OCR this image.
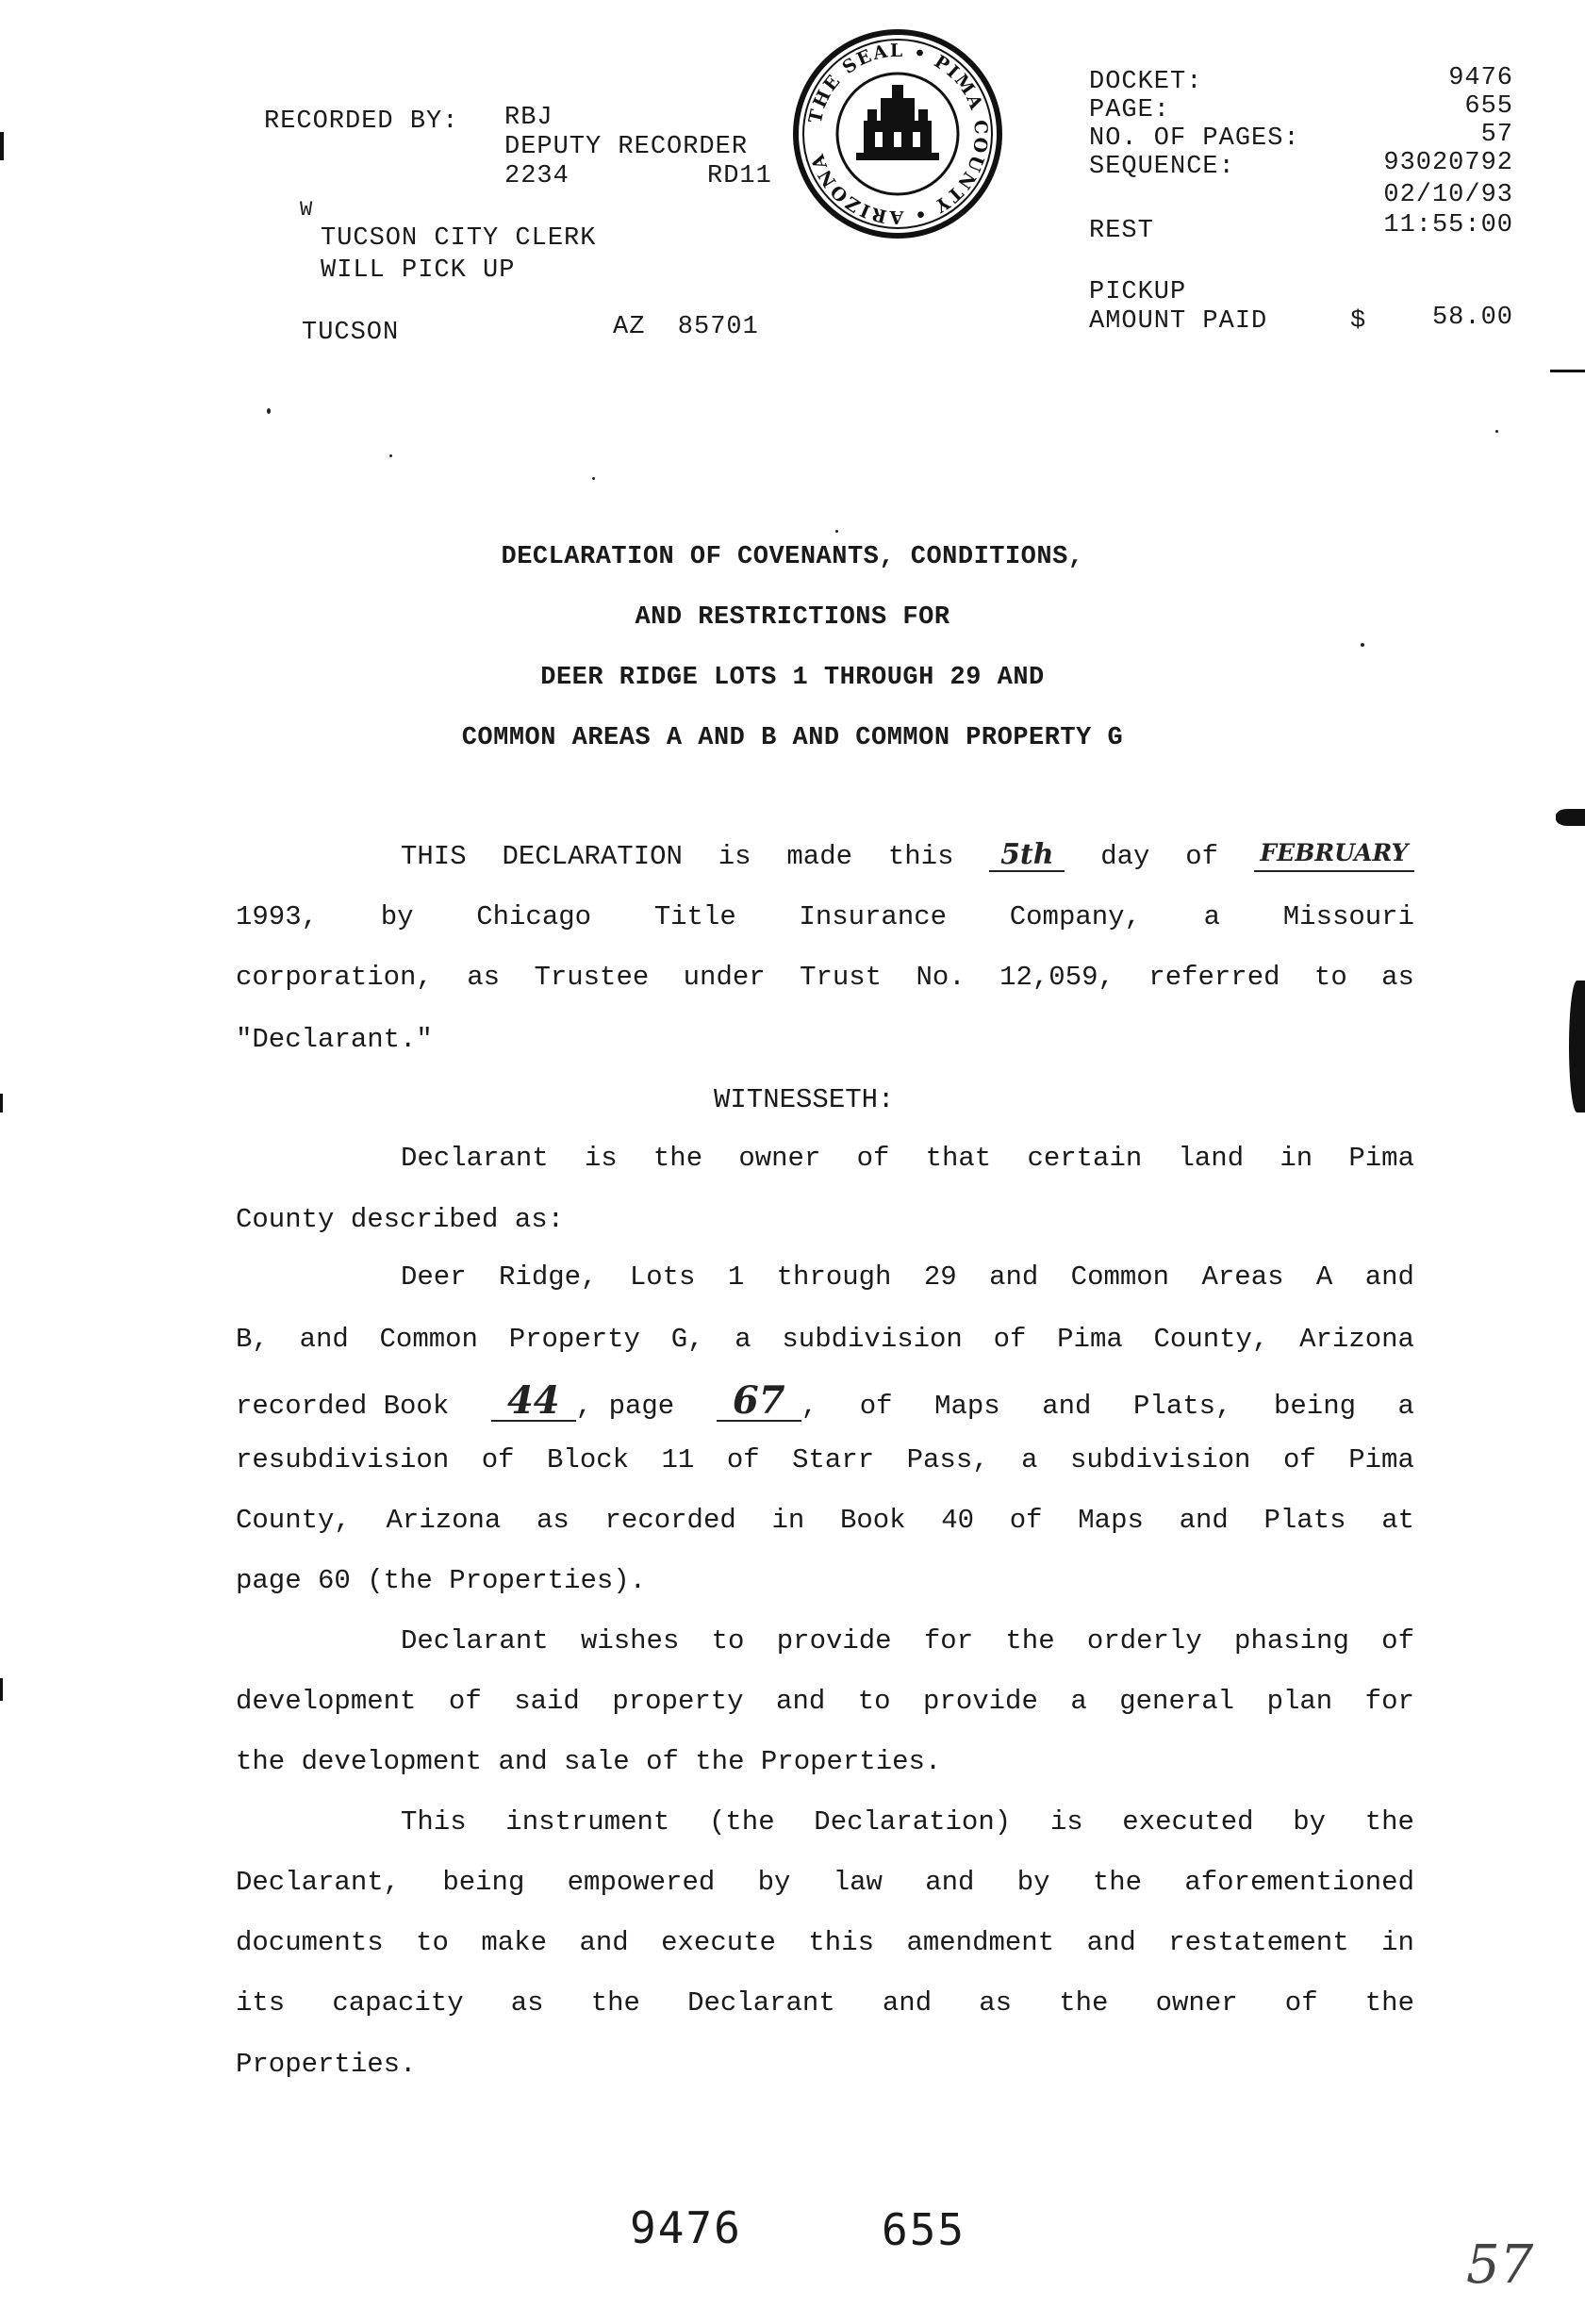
RECORDED BY: RBJ
DEPUTY RECORDER
2234	RD11
W
TUCSON CITY CLERK
WILL PICK UP
TUCSON	AZ  85701
THE SEAL • PIMA COUNTY • ARIZONA
DOCKET:	9476
PAGE:	655
NO. OF PAGES:	57
SEQUENCE:	93020792
02/10/93
REST	11:55:00
PICKUP
AMOUNT PAID	$	58.00
DECLARATION OF COVENANTS, CONDITIONS,
AND RESTRICTIONS FOR
DEER RIDGE LOTS 1 THROUGH 29 AND
COMMON AREAS A AND B AND COMMON PROPERTY G
THIS DECLARATION is made this	5th	day of FEBRUARY
1993, by Chicago Title Insurance Company, a Missouri
corporation, as Trustee under Trust No. 12,059, referred to as
"Declarant."
WITNESSETH:
Declarant is the owner of that certain land in Pima
County described as:
Deer Ridge, Lots 1 through 29 and Common Areas A and
B, and Common Property G, a subdivision of Pima County, Arizona
recorded Book	44 , page	67 , of Maps and Plats, being a
resubdivision of Block 11 of Starr Pass, a subdivision of Pima
County, Arizona as recorded in Book 40 of Maps and Plats at
page 60 (the Properties).
Declarant wishes to provide for the orderly phasing of
development of said property and to provide a general plan for
the development and sale of the Properties.
This instrument (the Declaration) is executed by the
Declarant, being empowered by law and by the aforementioned
documents to make and execute this amendment and restatement in
its capacity as the Declarant and as the owner of the
Properties.
9476	655
57
